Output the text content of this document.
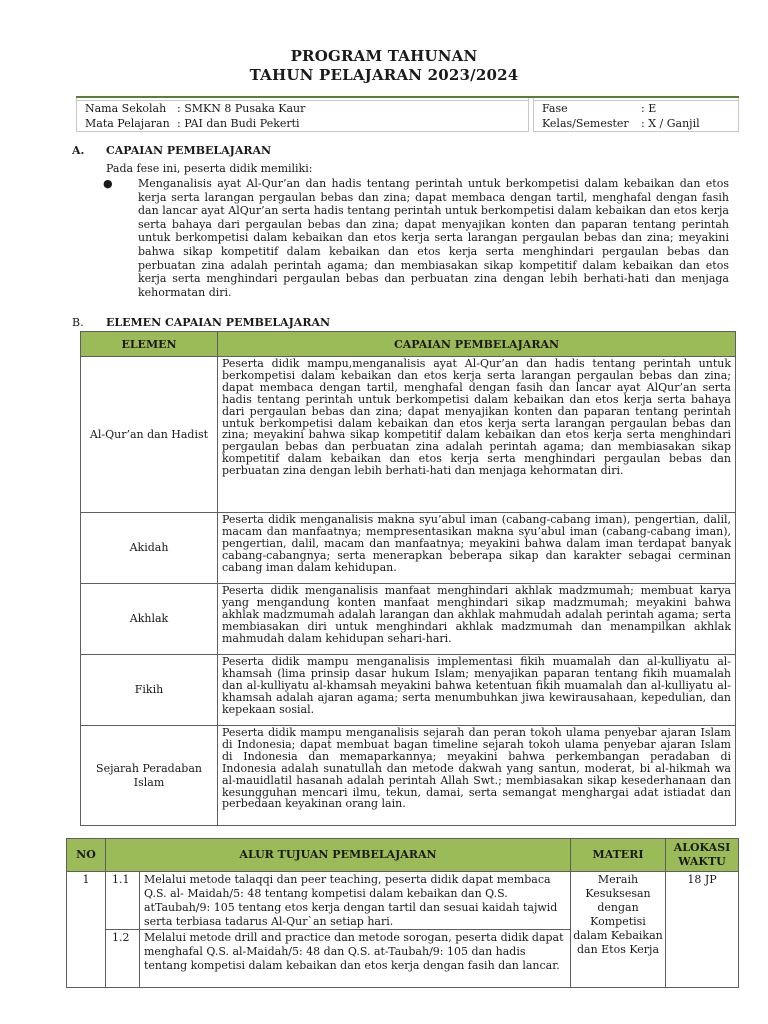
PROGRAM TAHUNAN
TAHUN PELAJARAN 2023/2024

Nama Sekolah : SMKN 8 Pusaka Kaur		Fase : E
Mata Pelajaran : PAI dan Budi Pekerti		Kelas/Semester : X / Ganjil
A. CAPAIAN PEMBELAJARAN
Pada fese ini, peserta didik memiliki:
● Menganalisis ayat Al-Qur’an dan hadis tentang perintah untuk berkompetisi dalam kebaikan dan etos kerja serta larangan pergaulan bebas dan zina; dapat membaca dengan tartil, menghafal dengan fasih dan lancar ayat AlQur’an serta hadis tentang perintah untuk berkompetisi dalam kebaikan dan etos kerja serta bahaya dari pergaulan bebas dan zina; dapat menyajikan konten dan paparan tentang perintah untuk berkompetisi dalam kebaikan dan etos kerja serta larangan pergaulan bebas dan zina; meyakini bahwa sikap kompetitif dalam kebaikan dan etos kerja serta menghindari pergaulan bebas dan perbuatan zina adalah perintah agama; dan membiasakan sikap kompetitif dalam kebaikan dan etos kerja serta menghindari pergaulan bebas dan perbuatan zina dengan lebih berhati-hati dan menjaga kehormatan diri.
B. ELEMEN CAPAIAN PEMBELAJARAN
ELEMEN	CAPAIAN PEMBELAJARAN
Al-Qur’an dan Hadist	Peserta didik mampu,menganalisis ayat Al-Qur’an dan hadis tentang perintah untuk berkompetisi dalam kebaikan dan etos kerja serta larangan pergaulan bebas dan zina; dapat membaca dengan tartil, menghafal dengan fasih dan lancar ayat AlQur’an serta hadis tentang perintah untuk berkompetisi dalam kebaikan dan etos kerja serta bahaya dari pergaulan bebas dan zina; dapat menyajikan konten dan paparan tentang perintah untuk berkompetisi dalam kebaikan dan etos kerja serta larangan pergaulan bebas dan zina; meyakini bahwa sikap kompetitif dalam kebaikan dan etos kerja serta menghindari pergaulan bebas dan perbuatan zina adalah perintah agama; dan membiasakan sikap kompetitif dalam kebaikan dan etos kerja serta menghindari pergaulan bebas dan perbuatan zina dengan lebih berhati-hati dan menjaga kehormatan diri.
Akidah	Peserta didik menganalisis makna syu’abul iman (cabang-cabang iman), pengertian, dalil, macam dan manfaatnya; mempresentasikan makna syu’abul iman (cabang-cabang iman), pengertian, dalil, macam dan manfaatnya; meyakini bahwa dalam iman terdapat banyak cabang-cabangnya; serta menerapkan beberapa sikap dan karakter sebagai cerminan cabang iman dalam kehidupan.
Akhlak	Peserta didik menganalisis manfaat menghindari akhlak madzmumah; membuat karya yang mengandung konten manfaat menghindari sikap madzmumah; meyakini bahwa akhlak madzmumah adalah larangan dan akhlak mahmudah adalah perintah agama; serta membiasakan diri untuk menghindari akhlak madzmumah dan menampilkan akhlak mahmudah dalam kehidupan sehari-hari.
Fikih	Peserta didik mampu menganalisis implementasi fikih muamalah dan al-kulliyatu al-khamsah (lima prinsip dasar hukum Islam; menyajikan paparan tentang fikih muamalah dan al-kulliyatu al-khamsah meyakini bahwa ketentuan fikih muamalah dan al-kulliyatu al-khamsah adalah ajaran agama; serta menumbuhkan jiwa kewirausahaan, kepedulian, dan kepekaan sosial.
Sejarah Peradaban Islam	Peserta didik mampu menganalisis sejarah dan peran tokoh ulama penyebar ajaran Islam di Indonesia; dapat membuat bagan timeline sejarah tokoh ulama penyebar ajaran Islam di Indonesia dan memaparkannya; meyakini bahwa perkembangan peradaban di Indonesia adalah sunatullah dan metode dakwah yang santun, moderat, bi al-hikmah wa al-mauidlatil hasanah adalah perintah Allah Swt.; membiasakan sikap kesederhanaan dan kesungguhan mencari ilmu, tekun, damai, serta semangat menghargai adat istiadat dan perbedaan keyakinan orang lain.
NO	ALUR TUJUAN PEMBELAJARAN		MATERI	ALOKASI WAKTU
1	1.1	Melalui metode talaqqi dan peer teaching, peserta didik dapat membaca Q.S. al- Maidah/5: 48 tentang kompetisi dalam kebaikan dan Q.S. atTaubah/9: 105 tentang etos kerja dengan tartil dan sesuai kaidah tajwid serta terbiasa tadarus Al-Qur`an setiap hari.	Meraih Kesuksesan dengan Kompetisi dalam Kebaikan dan Etos Kerja	18 JP
	1.2	Melalui metode drill and practice dan metode sorogan, peserta didik dapat menghafal Q.S. al-Maidah/5: 48 dan Q.S. at-Taubah/9: 105 dan hadis tentang kompetisi dalam kebaikan dan etos kerja dengan fasih dan lancar.		
